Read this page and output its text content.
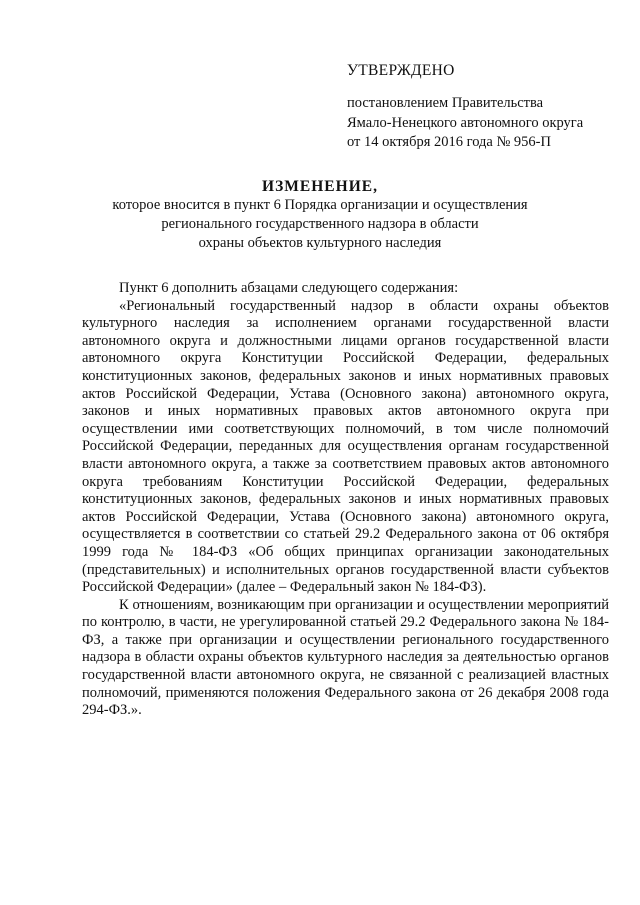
УТВЕРЖДЕНО
постановлением Правительства
Ямало-Ненецкого автономного округа
от 14 октября 2016 года № 956-П
ИЗМЕНЕНИЕ,
которое вносится в пункт 6 Порядка организации и осуществления
регионального государственного надзора в области
охраны объектов культурного наследия

Пункт 6 дополнить абзацами следующего содержания:

«Региональный государственный надзор в области охраны объектов культурного наследия за исполнением органами государственной власти автономного округа и должностными лицами органов государственной власти автономного округа Конституции Российской Федерации, федеральных конституционных законов, федеральных законов и иных нормативных правовых актов Российской Федерации, Устава (Основного закона) автономного округа, законов и иных нормативных правовых актов автономного округа при осуществлении ими соответствующих полномочий, в том числе полномочий Российской Федерации, переданных для осуществления органам государственной власти автономного округа, а также за соответствием правовых актов автономного округа требованиям Конституции Российской Федерации, федеральных конституционных законов, федеральных законов и иных нормативных правовых актов Российской Федерации, Устава (Основного закона) автономного округа, осуществляется в соответствии со статьей 29.2 Федерального закона от 06 октября 1999 года № 184-ФЗ «Об общих принципах организации законодательных (представительных) и исполнительных органов государственной власти субъектов Российской Федерации» (далее – Федеральный закон № 184-ФЗ).

К отношениям, возникающим при организации и осуществлении мероприятий по контролю, в части, не урегулированной статьей 29.2 Федерального закона № 184-ФЗ, а также при организации и осуществлении регионального государственного надзора в области охраны объектов культурного наследия за деятельностью органов государственной власти автономного округа, не связанной с реализацией властных полномочий, применяются положения Федерального закона от 26 декабря 2008 года 294-ФЗ.».
